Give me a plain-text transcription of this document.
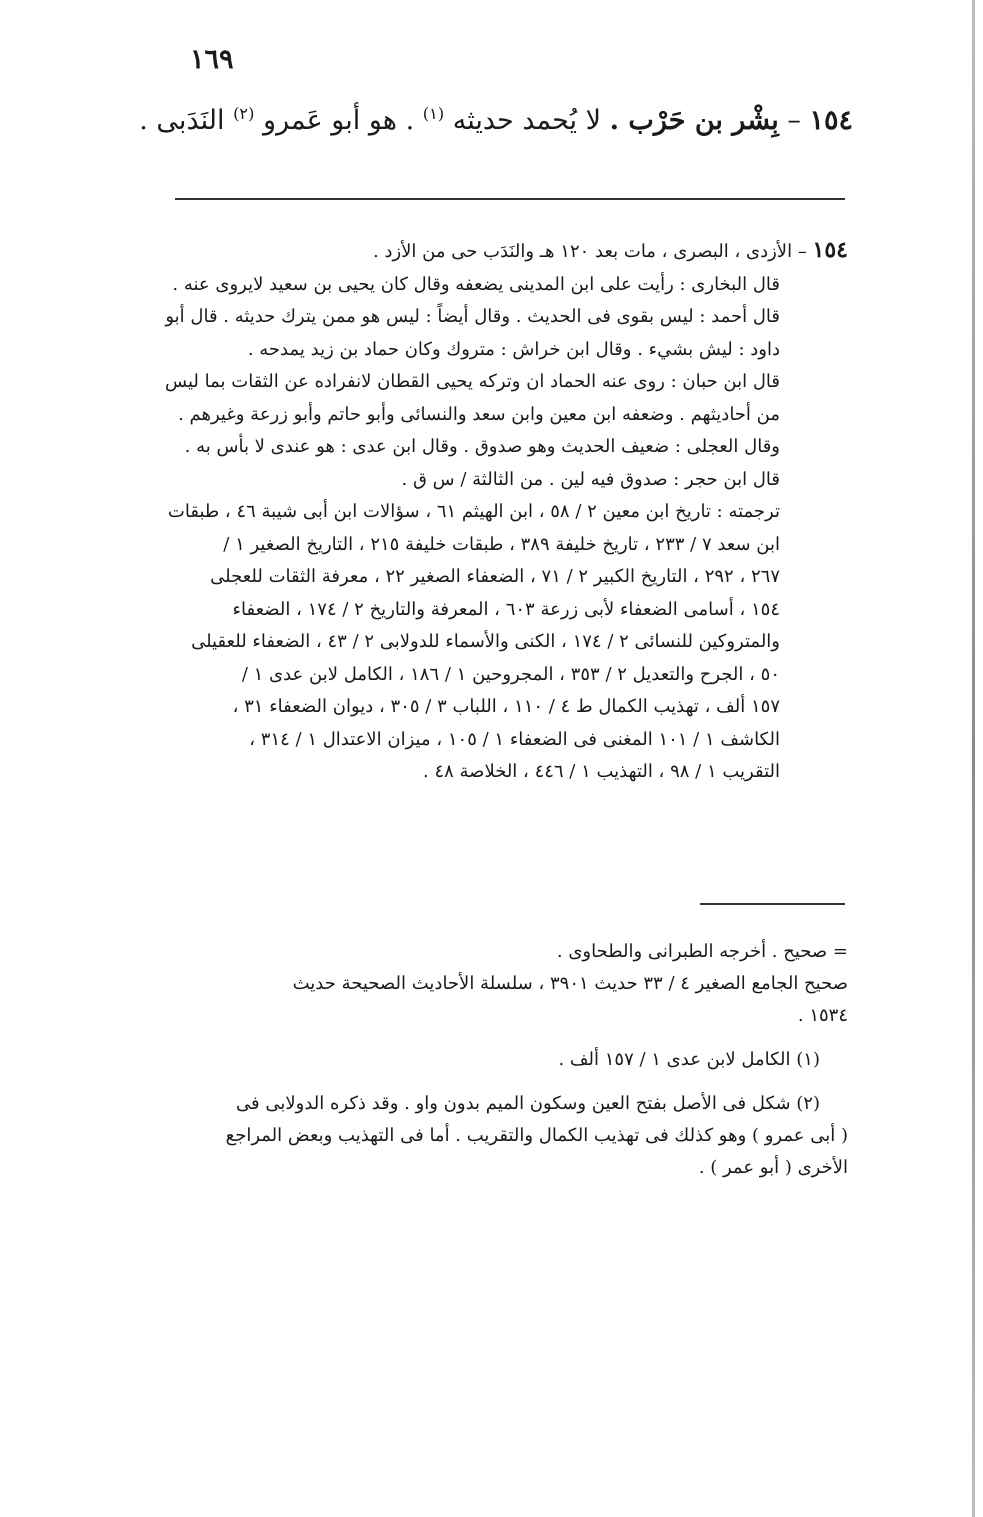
١٦٩
١٥٤ – بِشْر بن حَرْب . لا يُحمد حديثه $^{(١)}$ . هو أبو عَمرو $^{(٢)}$ النَدَبى .
١٥٤ – الأزدى ، البصرى ، مات بعد ١٢٠ هـ والنَدَب حى من الأزد .
قال البخارى : رأيت على ابن المدينى يضعفه وقال كان يحيى بن سعيد لايروى عنه .
قال أحمد : ليس بقوى فى الحديث . وقال أيضاً : ليس هو ممن يترك حديثه . قال أبو
داود : ليش بشيء . وقال ابن خراش : متروك وكان حماد بن زيد يمدحه .
قال ابن حبان : روى عنه الحماد ان وتركه يحيى القطان لانفراده عن الثقات بما ليس
من أحاديثهم . وضعفه ابن معين وابن سعد والنسائى وأبو حاتم وأبو زرعة وغيرهم .
وقال العجلى : ضعيف الحديث وهو صدوق . وقال ابن عدى : هو عندى لا بأس به .
قال ابن حجر : صدوق فيه لين . من الثالثة / س ق .
ترجمته : تاريخ ابن معين ٢ / ٥٨ ، ابن الهيثم ٦١ ، سؤالات ابن أبى شيبة ٤٦ ، طبقات
ابن سعد ٧ / ٢٣٣ ، تاريخ خليفة ٣٨٩ ، طبقات خليفة ٢١٥ ، التاريخ الصغير ١ /
٢٦٧ ، ٢٩٢ ، التاريخ الكبير ٢ / ٧١ ، الضعفاء الصغير ٢٢ ، معرفة الثقات للعجلى
١٥٤ ، أسامى الضعفاء لأبى زرعة ٦٠٣ ، المعرفة والتاريخ ٢ / ١٧٤ ، الضعفاء
والمتروكين للنسائى ٢ / ١٧٤ ، الكنى والأسماء للدولابى ٢ / ٤٣ ، الضعفاء للعقيلى
٥٠ ، الجرح والتعديل ٢ / ٣٥٣ ، المجروحين ١ / ١٨٦ ، الكامل لابن عدى ١ /
١٥٧ ألف ، تهذيب الكمال ط ٤ / ١١٠ ، اللباب ٣ / ٣٠٥ ، ديوان الضعفاء ٣١ ،
الكاشف ١ / ١٠١ المغنى فى الضعفاء ١ / ١٠٥ ، ميزان الاعتدال ١ / ٣١٤ ،
التقريب ١ / ٩٨ ، التهذيب ١ / ٤٤٦ ، الخلاصة ٤٨ .
= صحيح . أخرجه الطبرانى والطحاوى .
صحيح الجامع الصغير ٤ / ٣٣ حديث ٣٩٠١ ، سلسلة الأحاديث الصحيحة حديث
١٥٣٤ .
(١) الكامل لابن عدى ١ / ١٥٧ ألف .
(٢) شكل فى الأصل بفتح العين وسكون الميم بدون واو . وقد ذكره الدولابى فى
( أبى عمرو ) وهو كذلك فى تهذيب الكمال والتقريب . أما فى التهذيب وبعض المراجع
الأخرى ( أبو عمر ) .
